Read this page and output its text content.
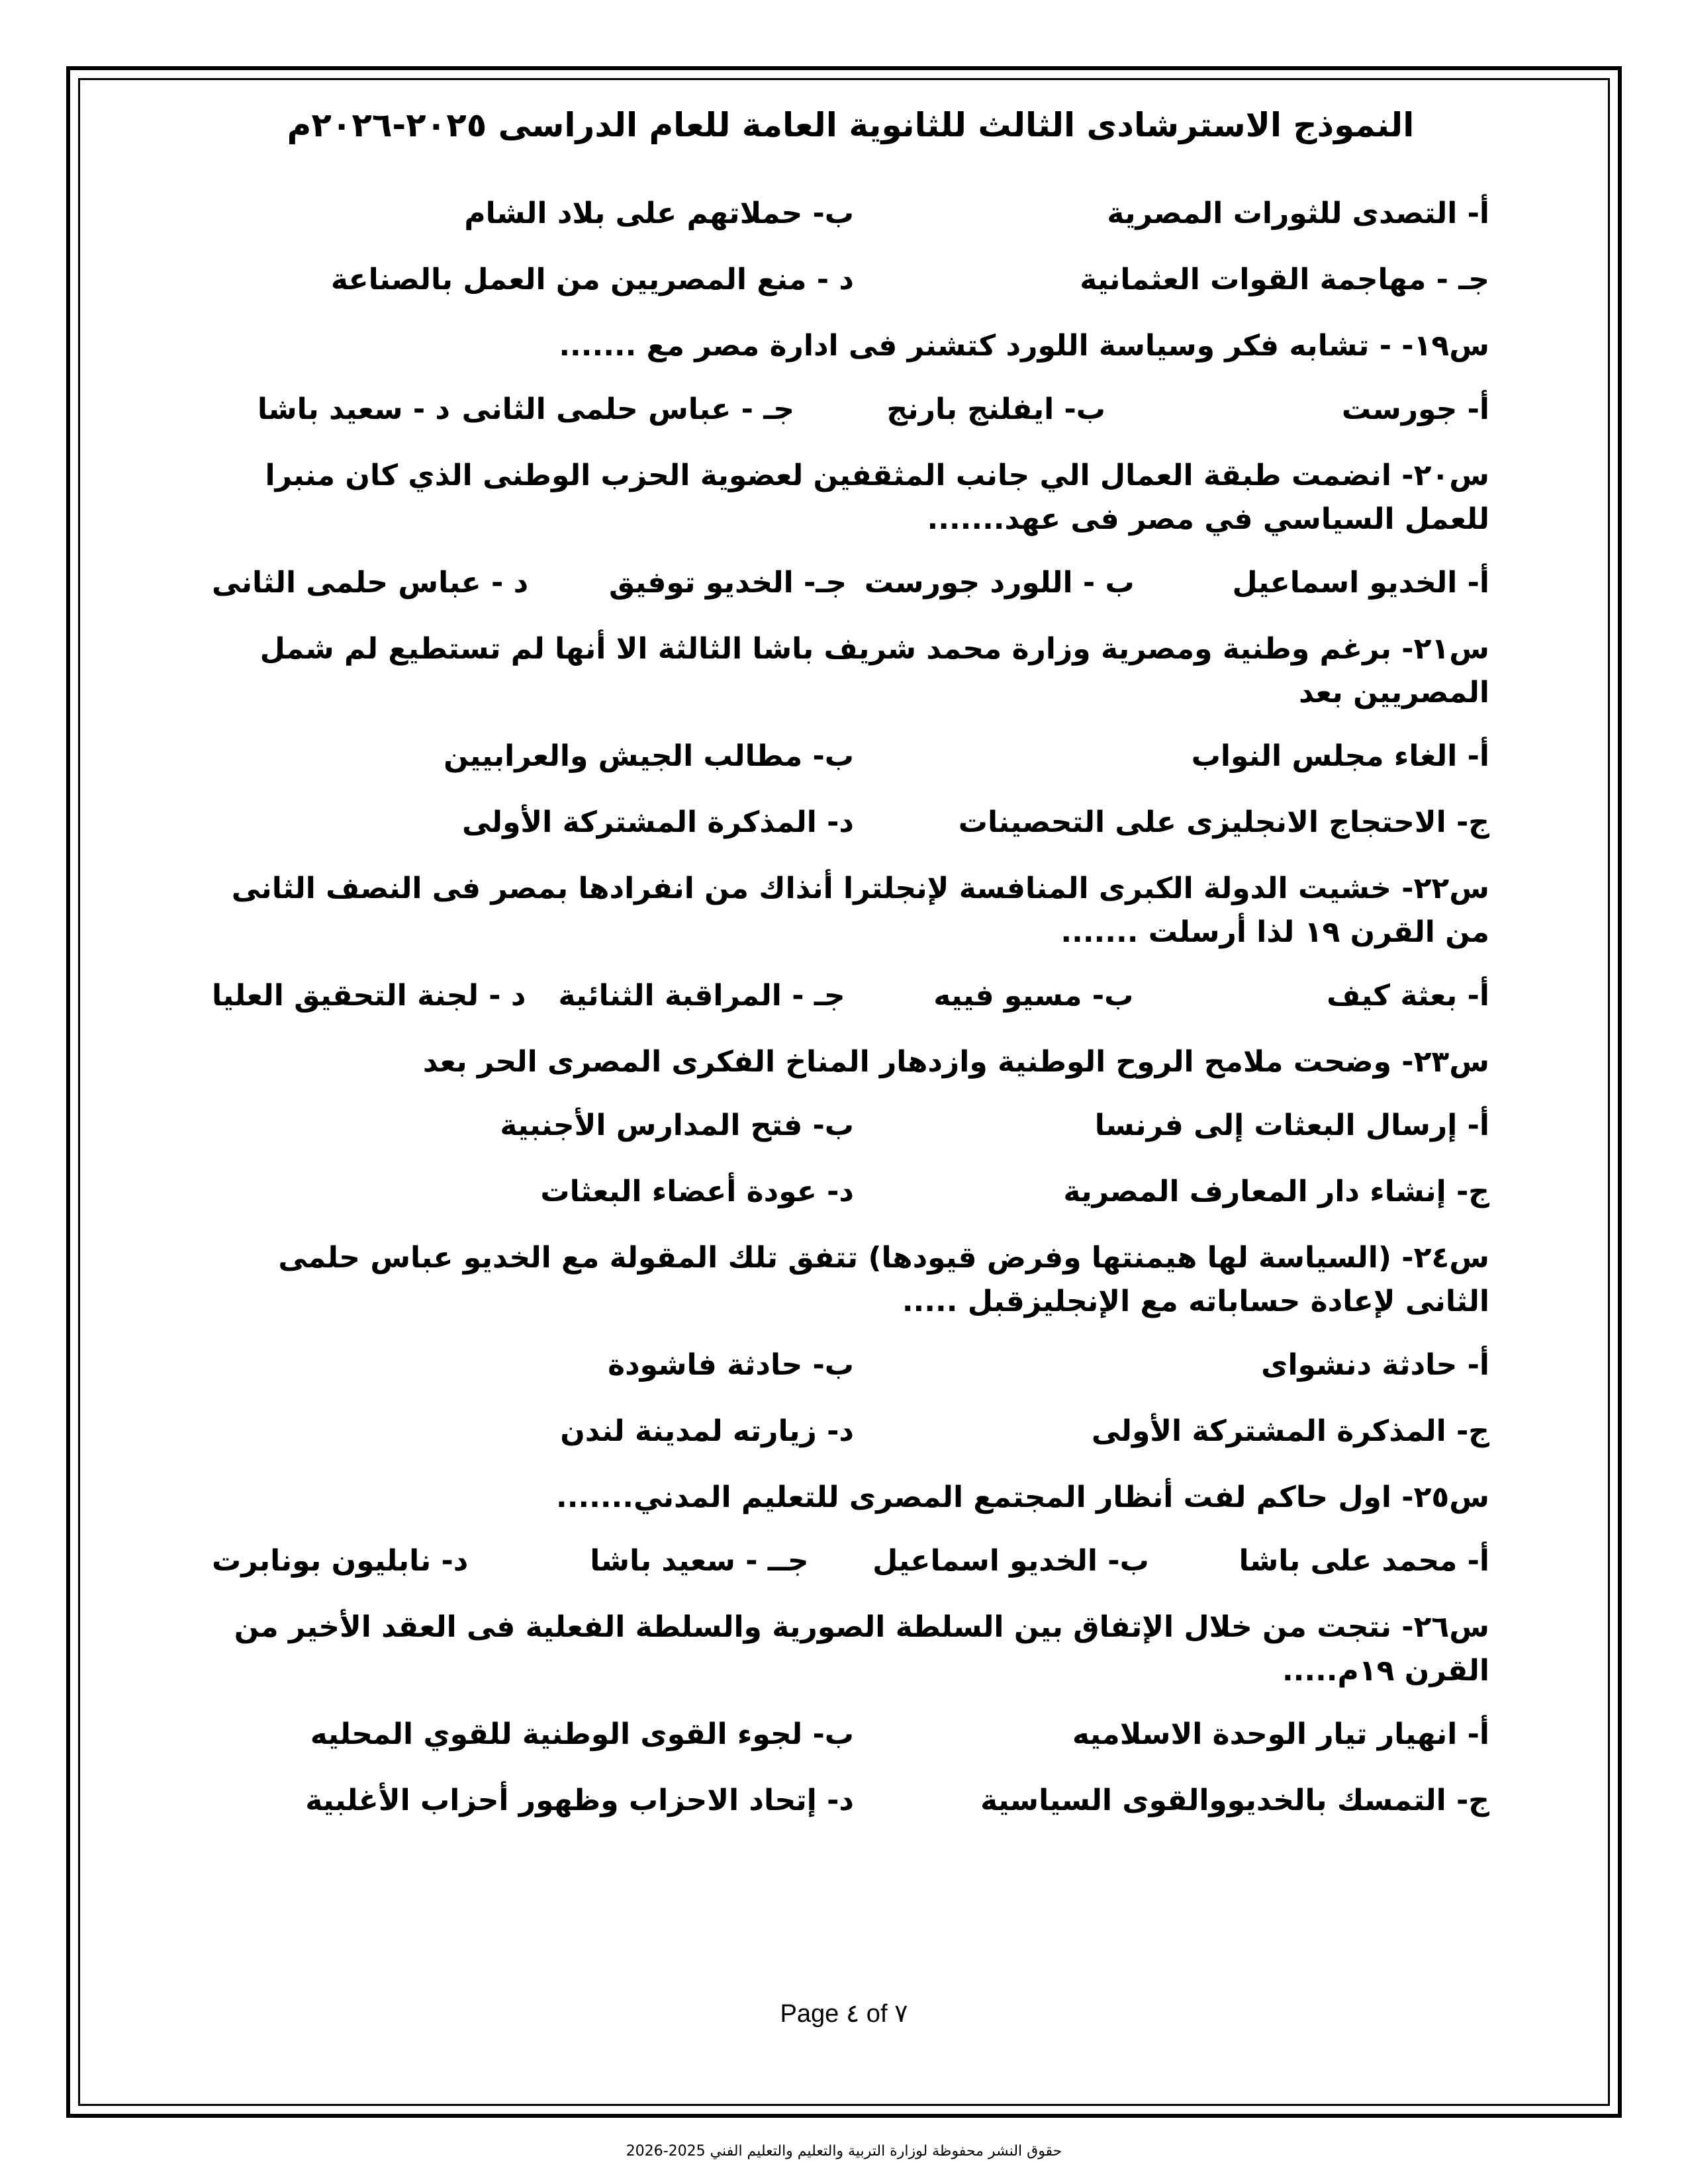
النموذج الاسترشادى الثالث للثانوية العامة للعام الدراسى ٢٠٢٥-٢٠٢٦م
أ- التصدى للثورات المصرية
ب- حملاتهم على بلاد الشام
جـ - مهاجمة القوات العثمانية
د - منع المصريين من العمل بالصناعة
س١٩- - تشابه فكر وسياسة اللورد كتشنر فى ادارة مصر مع .......
أ- جورست
ب- ايفلنج بارنج
جـ - عباس حلمى الثانى
د - سعيد باشا
س٢٠- انضمت طبقة العمال الي جانب المثقفين لعضوية الحزب الوطنى الذي كان منبرا للعمل السياسي في مصر فى عهد.......
أ- الخديو اسماعيل
ب - اللورد جورست
جـ- الخديو توفيق
د - عباس حلمى الثانى
س٢١- برغم وطنية ومصرية وزارة محمد شريف باشا الثالثة الا أنها لم تستطيع لم شمل المصريين بعد
أ- الغاء مجلس النواب
ب- مطالب الجيش والعرابيين
ج- الاحتجاج الانجليزى على التحصينات
د- المذكرة المشتركة الأولى
س٢٢- خشيت الدولة الكبرى المنافسة لإنجلترا أنذاك من انفرادها بمصر فى النصف الثانى من القرن ١٩ لذا أرسلت .......
أ- بعثة كيف
ب- مسيو فييه
جـ - المراقبة الثنائية
د - لجنة التحقيق العليا
س٢٣- وضحت ملامح الروح الوطنية وازدهار المناخ الفكرى المصرى الحر بعد
أ- إرسال البعثات إلى فرنسا
ب- فتح المدارس الأجنبية
ج- إنشاء دار المعارف المصرية
د- عودة أعضاء البعثات
س٢٤- (السياسة لها هيمنتها وفرض قيودها) تتفق تلك المقولة مع الخديو عباس حلمى الثانى لإعادة حساباته مع الإنجليزقبل .....
أ- حادثة دنشواى
ب- حادثة فاشودة
ج- المذكرة المشتركة الأولى
د- زيارته لمدينة لندن
س٢٥- اول حاكم لفت أنظار المجتمع المصرى للتعليم المدني.......
أ- محمد على باشا
ب- الخديو اسماعيل
جــ - سعيد باشا
د- نابليون بونابرت
س٢٦- نتجت من خلال الإتفاق بين السلطة الصورية والسلطة الفعلية فى العقد الأخير من القرن ١٩م.....
أ- انهيار تيار الوحدة الاسلاميه
ب- لجوء القوى الوطنية للقوي المحليه
ج- التمسك بالخديووالقوى السياسية
د- إتحاد الاحزاب وظهور أحزاب الأغلبية
Page ٤ of ٧
حقوق النشر محفوظة لوزارة التربية والتعليم والتعليم الفني 2025-2026
